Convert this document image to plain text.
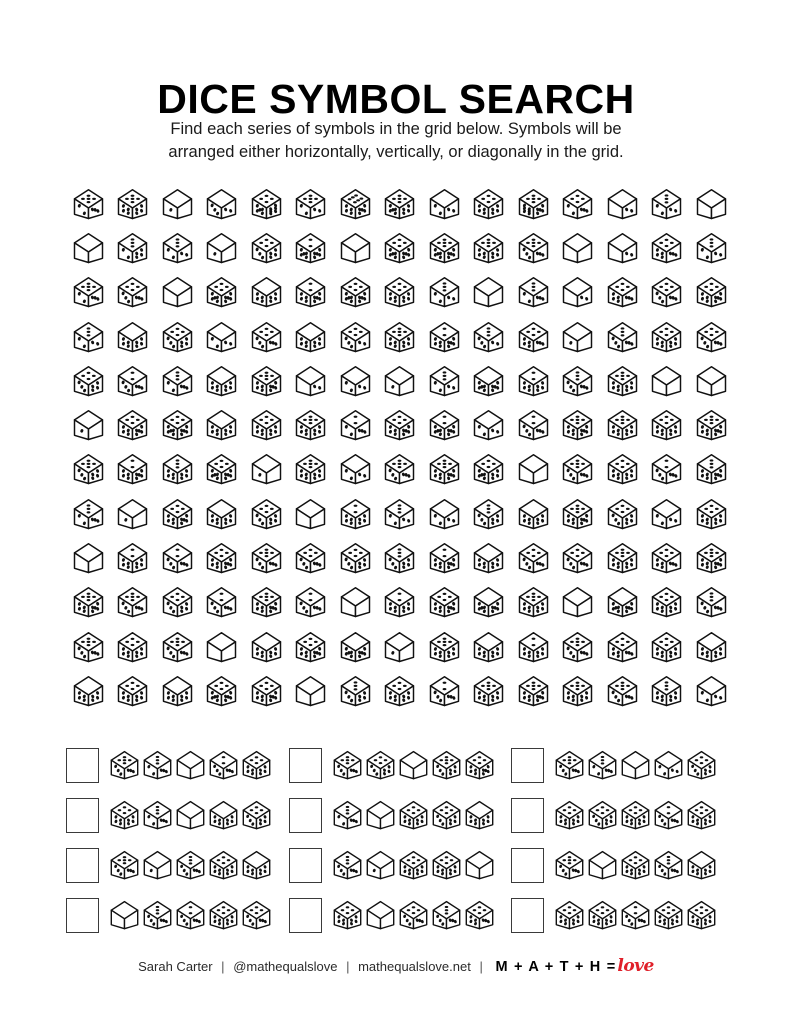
DICE SYMBOL SEARCH
Find each series of symbols in the grid below. Symbols will be
arranged either horizontally, vertically, or diagonally in the grid.
Sarah Carter | @mathequalslove | mathequalslove.net | M + A + T + H =love
